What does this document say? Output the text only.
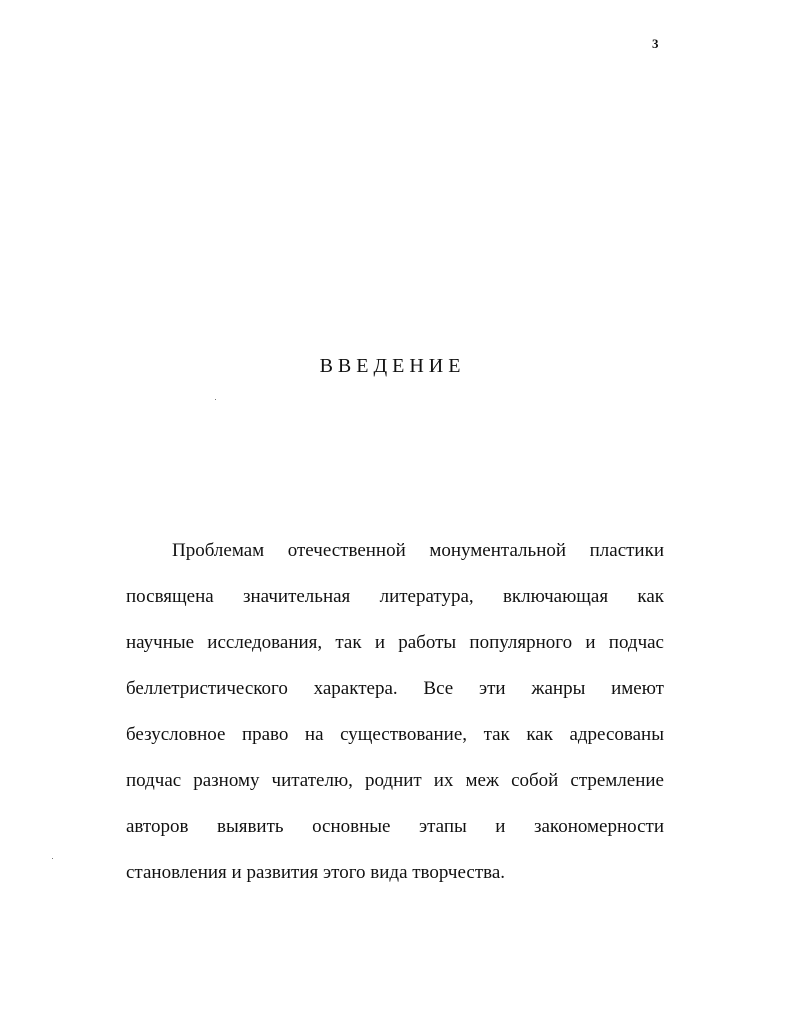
3
ВВЕДЕНИЕ
Проблемам отечественной монументальной пластики
посвящена значительная литература, включающая как
научные исследования, так и работы популярного и подчас
беллетристического характера. Все эти жанры имеют
безусловное право на существование, так как адресованы
подчас разному читателю, роднит их меж собой стремление
авторов выявить основные этапы и закономерности
становления и развития этого вида творчества.
